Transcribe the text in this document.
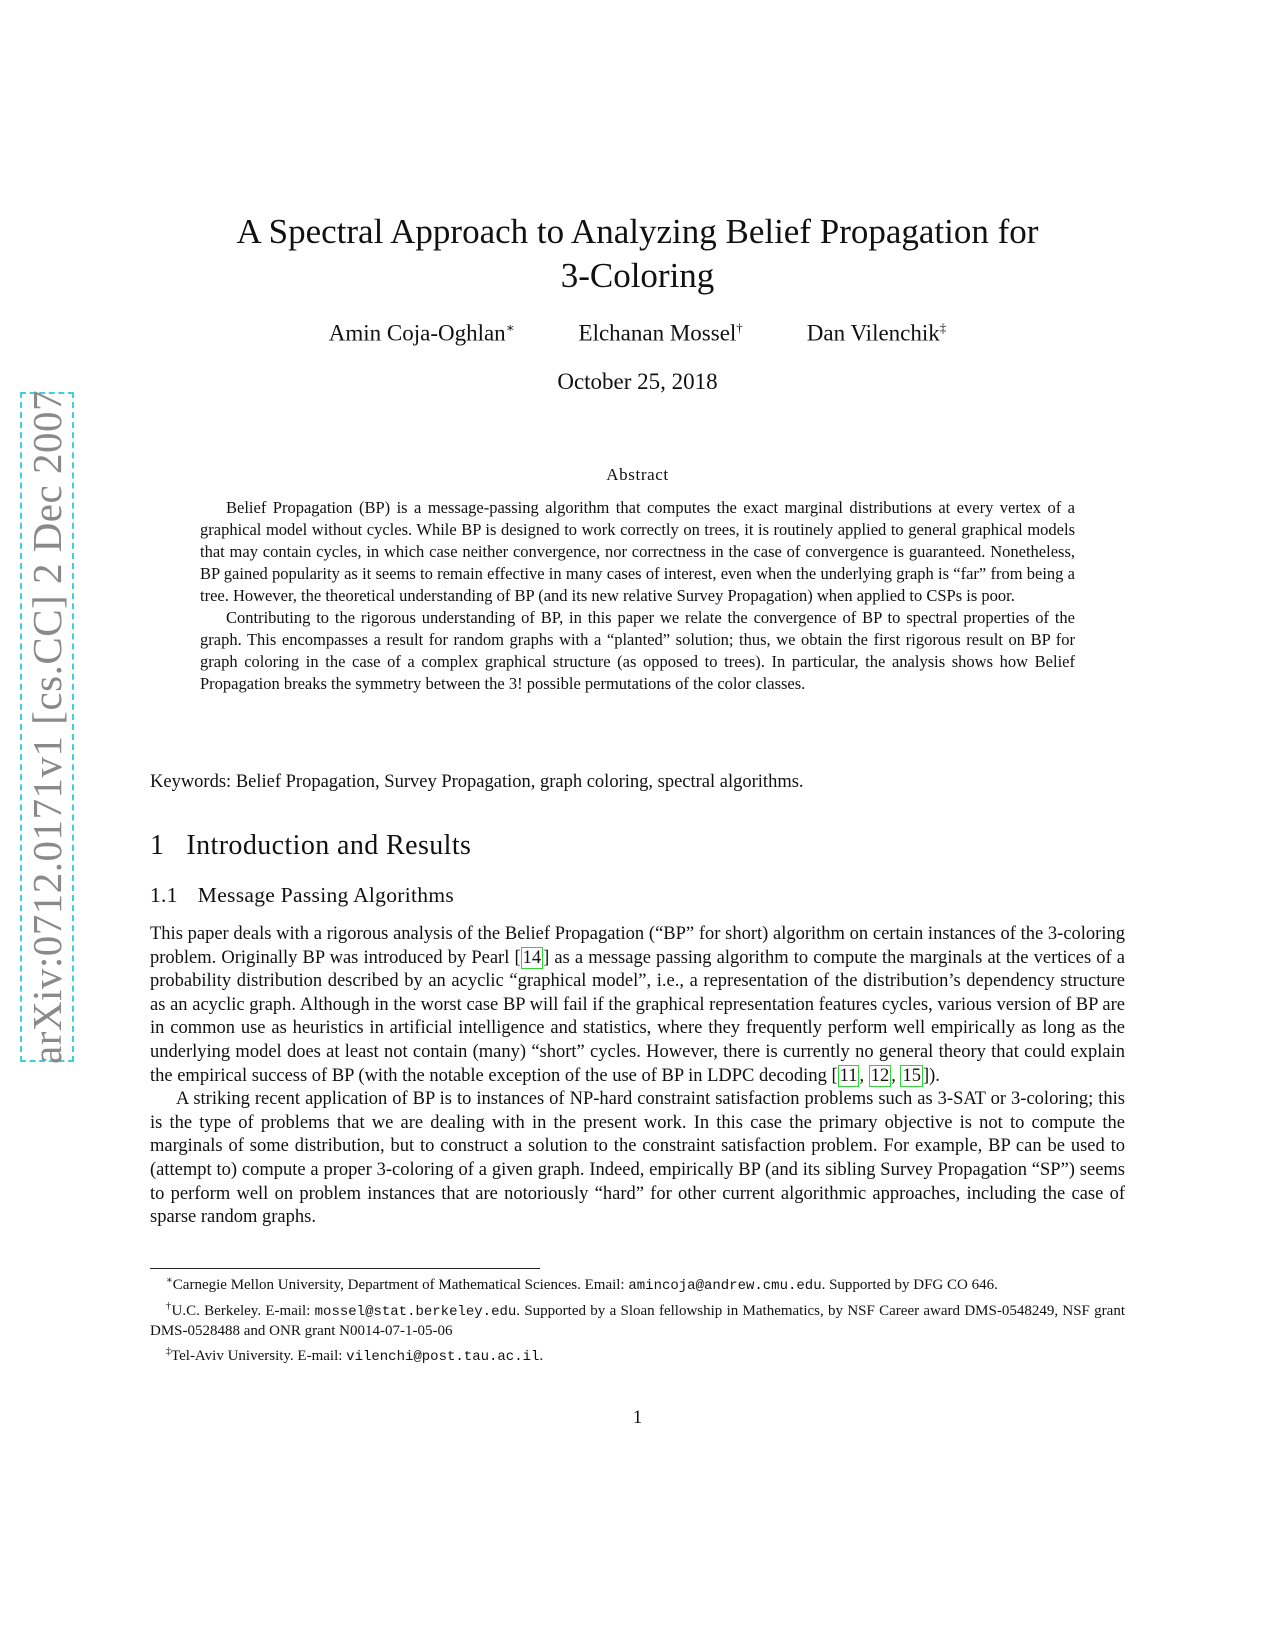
arXiv:0712.0171v1 [cs.CC] 2 Dec 2007
A Spectral Approach to Analyzing Belief Propagation for
3-Coloring
Amin Coja-Oghlan∗	Elchanan Mossel†	Dan Vilenchik‡
October 25, 2018
Abstract

Belief Propagation (BP) is a message-passing algorithm that computes the exact marginal distributions at every vertex of a graphical model without cycles. While BP is designed to work correctly on trees, it is routinely applied to general graphical models that may contain cycles, in which case neither convergence, nor correctness in the case of convergence is guaranteed. Nonetheless, BP gained popularity as it seems to remain effective in many cases of interest, even when the underlying graph is “far” from being a tree. However, the theoretical understanding of BP (and its new relative Survey Propagation) when applied to CSPs is poor.

Contributing to the rigorous understanding of BP, in this paper we relate the convergence of BP to spectral properties of the graph. This encompasses a result for random graphs with a “planted” solution; thus, we obtain the first rigorous result on BP for graph coloring in the case of a complex graphical structure (as opposed to trees). In particular, the analysis shows how Belief Propagation breaks the symmetry between the 3! possible permutations of the color classes.

Keywords: Belief Propagation, Survey Propagation, graph coloring, spectral algorithms.
1 Introduction and Results
1.1 Message Passing Algorithms

This paper deals with a rigorous analysis of the Belief Propagation (“BP” for short) algorithm on certain instances of the 3-coloring problem. Originally BP was introduced by Pearl [ 14 ] as a message passing algorithm to compute the marginals at the vertices of a probability distribution described by an acyclic “graphical model”, i.e., a representation of the distribution’s dependency structure as an acyclic graph. Although in the worst case BP will fail if the graphical representation features cycles, various version of BP are in common use as heuristics in artificial intelligence and statistics, where they frequently perform well empirically as long as the underlying model does at least not contain (many) “short” cycles. However, there is currently no general theory that could explain the empirical success of BP (with the notable exception of the use of BP in LDPC decoding [ 11 , 12 , 15 ]).

A striking recent application of BP is to instances of NP-hard constraint satisfaction problems such as 3-SAT or 3-coloring; this is the type of problems that we are dealing with in the present work. In this case the primary objective is not to compute the marginals of some distribution, but to construct a solution to the constraint satisfaction problem. For example, BP can be used to (attempt to) compute a proper 3-coloring of a given graph. Indeed, empirically BP (and its sibling Survey Propagation “SP”) seems to perform well on problem instances that are notoriously “hard” for other current algorithmic approaches, including the case of sparse random graphs.

∗Carnegie Mellon University, Department of Mathematical Sciences. Email: amincoja@andrew.cmu.edu. Supported by DFG CO 646.

†U.C. Berkeley. E-mail: mossel@stat.berkeley.edu. Supported by a Sloan fellowship in Mathematics, by NSF Career award DMS-0548249, NSF grant DMS-0528488 and ONR grant N0014-07-1-05-06

‡Tel-Aviv University. E-mail: vilenchi@post.tau.ac.il.

1
